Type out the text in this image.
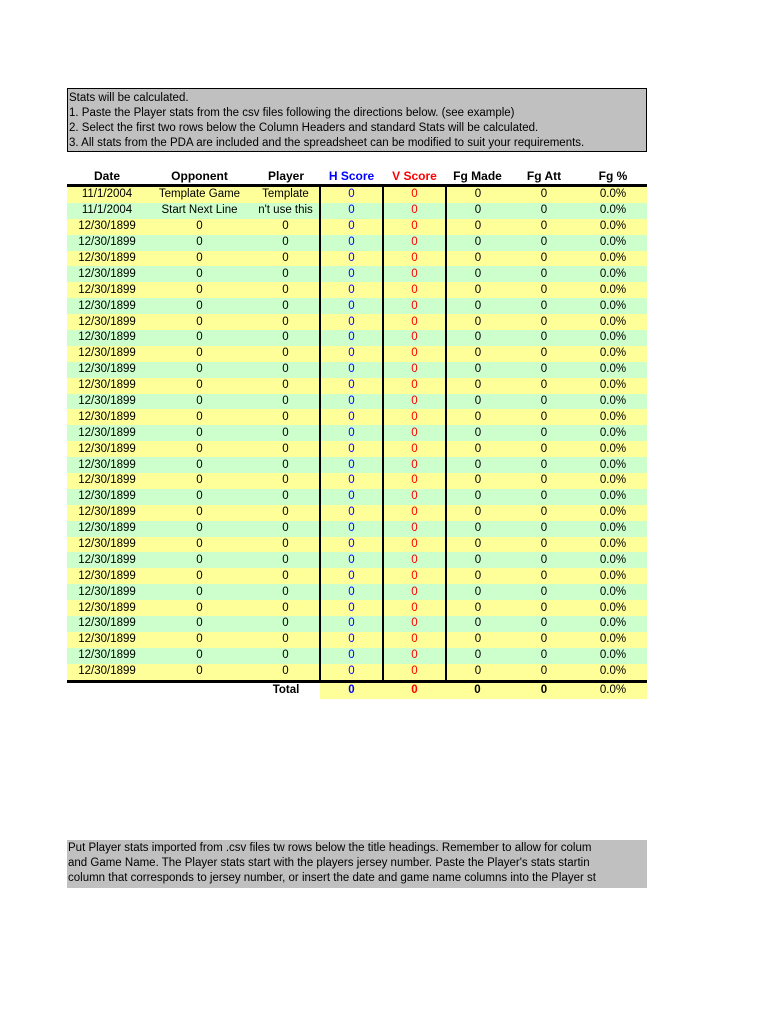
Stats will be calculated.
1. Paste the Player stats from the csv files following the directions below. (see example)
2. Select the first two rows below the Column Headers and standard Stats will be calculated.
3. All stats from the PDA are included and the spreadsheet can be modified to suit your requirements.
Date	Opponent	Player	H Score	V Score	Fg Made	Fg Att	Fg %
11/1/2004	Template Game	Template	0	0	0	0	0.0%
11/1/2004	Start Next Line	n't use this	0	0	0	0	0.0%
12/30/1899	0	0	0	0	0	0	0.0%
12/30/1899	0	0	0	0	0	0	0.0%
12/30/1899	0	0	0	0	0	0	0.0%
12/30/1899	0	0	0	0	0	0	0.0%
12/30/1899	0	0	0	0	0	0	0.0%
12/30/1899	0	0	0	0	0	0	0.0%
12/30/1899	0	0	0	0	0	0	0.0%
12/30/1899	0	0	0	0	0	0	0.0%
12/30/1899	0	0	0	0	0	0	0.0%
12/30/1899	0	0	0	0	0	0	0.0%
12/30/1899	0	0	0	0	0	0	0.0%
12/30/1899	0	0	0	0	0	0	0.0%
12/30/1899	0	0	0	0	0	0	0.0%
12/30/1899	0	0	0	0	0	0	0.0%
12/30/1899	0	0	0	0	0	0	0.0%
12/30/1899	0	0	0	0	0	0	0.0%
12/30/1899	0	0	0	0	0	0	0.0%
12/30/1899	0	0	0	0	0	0	0.0%
12/30/1899	0	0	0	0	0	0	0.0%
12/30/1899	0	0	0	0	0	0	0.0%
12/30/1899	0	0	0	0	0	0	0.0%
12/30/1899	0	0	0	0	0	0	0.0%
12/30/1899	0	0	0	0	0	0	0.0%
12/30/1899	0	0	0	0	0	0	0.0%
12/30/1899	0	0	0	0	0	0	0.0%
12/30/1899	0	0	0	0	0	0	0.0%
12/30/1899	0	0	0	0	0	0	0.0%
12/30/1899	0	0	0	0	0	0	0.0%
12/30/1899	0	0	0	0	0	0	0.0%
		Total	0	0	0	0	0.0%
Put Player stats imported from .csv files tw rows below the title headings. Remember to allow for colum
and Game Name. The Player stats start with the players jersey number. Paste the Player's stats startin
column that corresponds to jersey number, or insert the date and game name columns into the Player st
